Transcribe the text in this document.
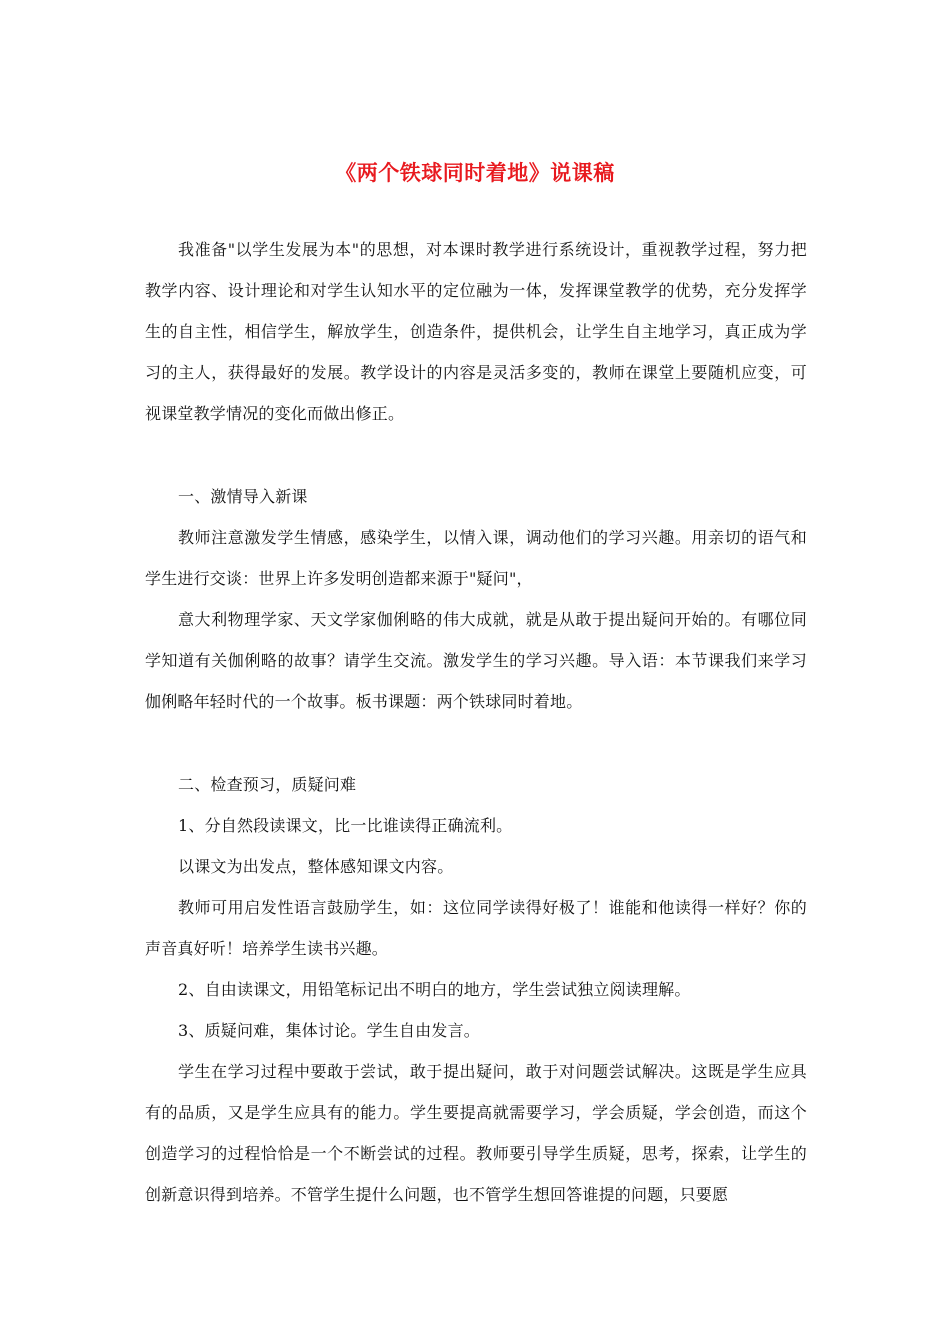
《两个铁球同时着地》说课稿
我准备"以学生发展为本"的思想，对本课时教学进行系统设计，重视教学过程，努力把教学内容、设计理论和对学生认知水平的定位融为一体，发挥课堂教学的优势，充分发挥学生的自主性，相信学生，解放学生，创造条件，提供机会，让学生自主地学习，真正成为学习的主人，获得最好的发展。教学设计的内容是灵活多变的，教师在课堂上要随机应变，可视课堂教学情况的变化而做出修正。
一、激情导入新课
教师注意激发学生情感，感染学生，以情入课，调动他们的学习兴趣。用亲切的语气和学生进行交谈：世界上许多发明创造都来源于"疑问"，
意大利物理学家、天文学家伽俐略的伟大成就，就是从敢于提出疑问开始的。有哪位同学知道有关伽俐略的故事？请学生交流。激发学生的学习兴趣。导入语：本节课我们来学习伽俐略年轻时代的一个故事。板书课题：两个铁球同时着地。
二、检查预习，质疑问难
1、分自然段读课文，比一比谁读得正确流利。
以课文为出发点，整体感知课文内容。
教师可用启发性语言鼓励学生，如：这位同学读得好极了！谁能和他读得一样好？你的声音真好听！培养学生读书兴趣。
2、自由读课文，用铅笔标记出不明白的地方，学生尝试独立阅读理解。
3、质疑问难，集体讨论。学生自由发言。
学生在学习过程中要敢于尝试，敢于提出疑问，敢于对问题尝试解决。这既是学生应具有的品质，又是学生应具有的能力。学生要提高就需要学习，学会质疑，学会创造，而这个创造学习的过程恰恰是一个不断尝试的过程。教师要引导学生质疑，思考，探索，让学生的创新意识得到培养。不管学生提什么问题，也不管学生想回答谁提的问题，只要愿
